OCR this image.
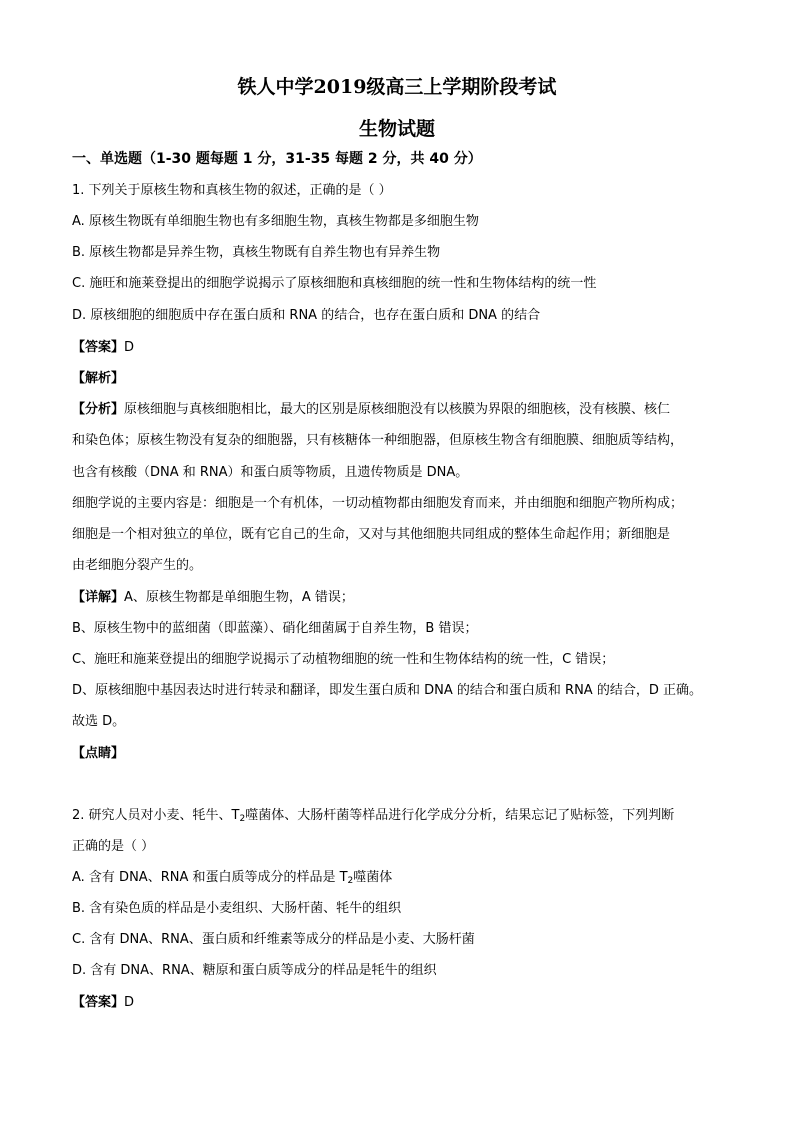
铁人中学2019级高三上学期阶段考试
生物试题
一、单选题（1-30 题每题 1 分，31-35 每题 2 分，共 40 分）
1. 下列关于原核生物和真核生物的叙述，正确的是（ ）
A. 原核生物既有单细胞生物也有多细胞生物，真核生物都是多细胞生物
B. 原核生物都是异养生物，真核生物既有自养生物也有异养生物
C. 施旺和施莱登提出的细胞学说揭示了原核细胞和真核细胞的统一性和生物体结构的统一性
D. 原核细胞的细胞质中存在蛋白质和 RNA 的结合，也存在蛋白质和 DNA 的结合
【答案】D
【解析】
【分析】原核细胞与真核细胞相比，最大的区别是原核细胞没有以核膜为界限的细胞核，没有核膜、核仁
和染色体；原核生物没有复杂的细胞器，只有核糖体一种细胞器，但原核生物含有细胞膜、细胞质等结构，
也含有核酸（DNA 和 RNA）和蛋白质等物质，且遗传物质是 DNA。
细胞学说的主要内容是：细胞是一个有机体，一切动植物都由细胞发育而来，并由细胞和细胞产物所构成；
细胞是一个相对独立的单位，既有它自己的生命，又对与其他细胞共同组成的整体生命起作用；新细胞是
由老细胞分裂产生的。
【详解】A、原核生物都是单细胞生物，A 错误；
B、原核生物中的蓝细菌（即蓝藻）、硝化细菌属于自养生物，B 错误；
C、施旺和施莱登提出的细胞学说揭示了动植物细胞的统一性和生物体结构的统一性，C 错误；
D、原核细胞中基因表达时进行转录和翻译，即发生蛋白质和 DNA 的结合和蛋白质和 RNA 的结合，D 正确。
故选 D。
【点睛】
2. 研究人员对小麦、牦牛、$T_2$噬菌体、大肠杆菌等样品进行化学成分分析，结果忘记了贴标签，下列判断
正确的是（ ）
A. 含有 DNA、RNA 和蛋白质等成分的样品是 $T_2$噬菌体
B. 含有染色质的样品是小麦组织、大肠杆菌、牦牛的组织
C. 含有 DNA、RNA、蛋白质和纤维素等成分的样品是小麦、大肠杆菌
D. 含有 DNA、RNA、糖原和蛋白质等成分的样品是牦牛的组织
【答案】D
